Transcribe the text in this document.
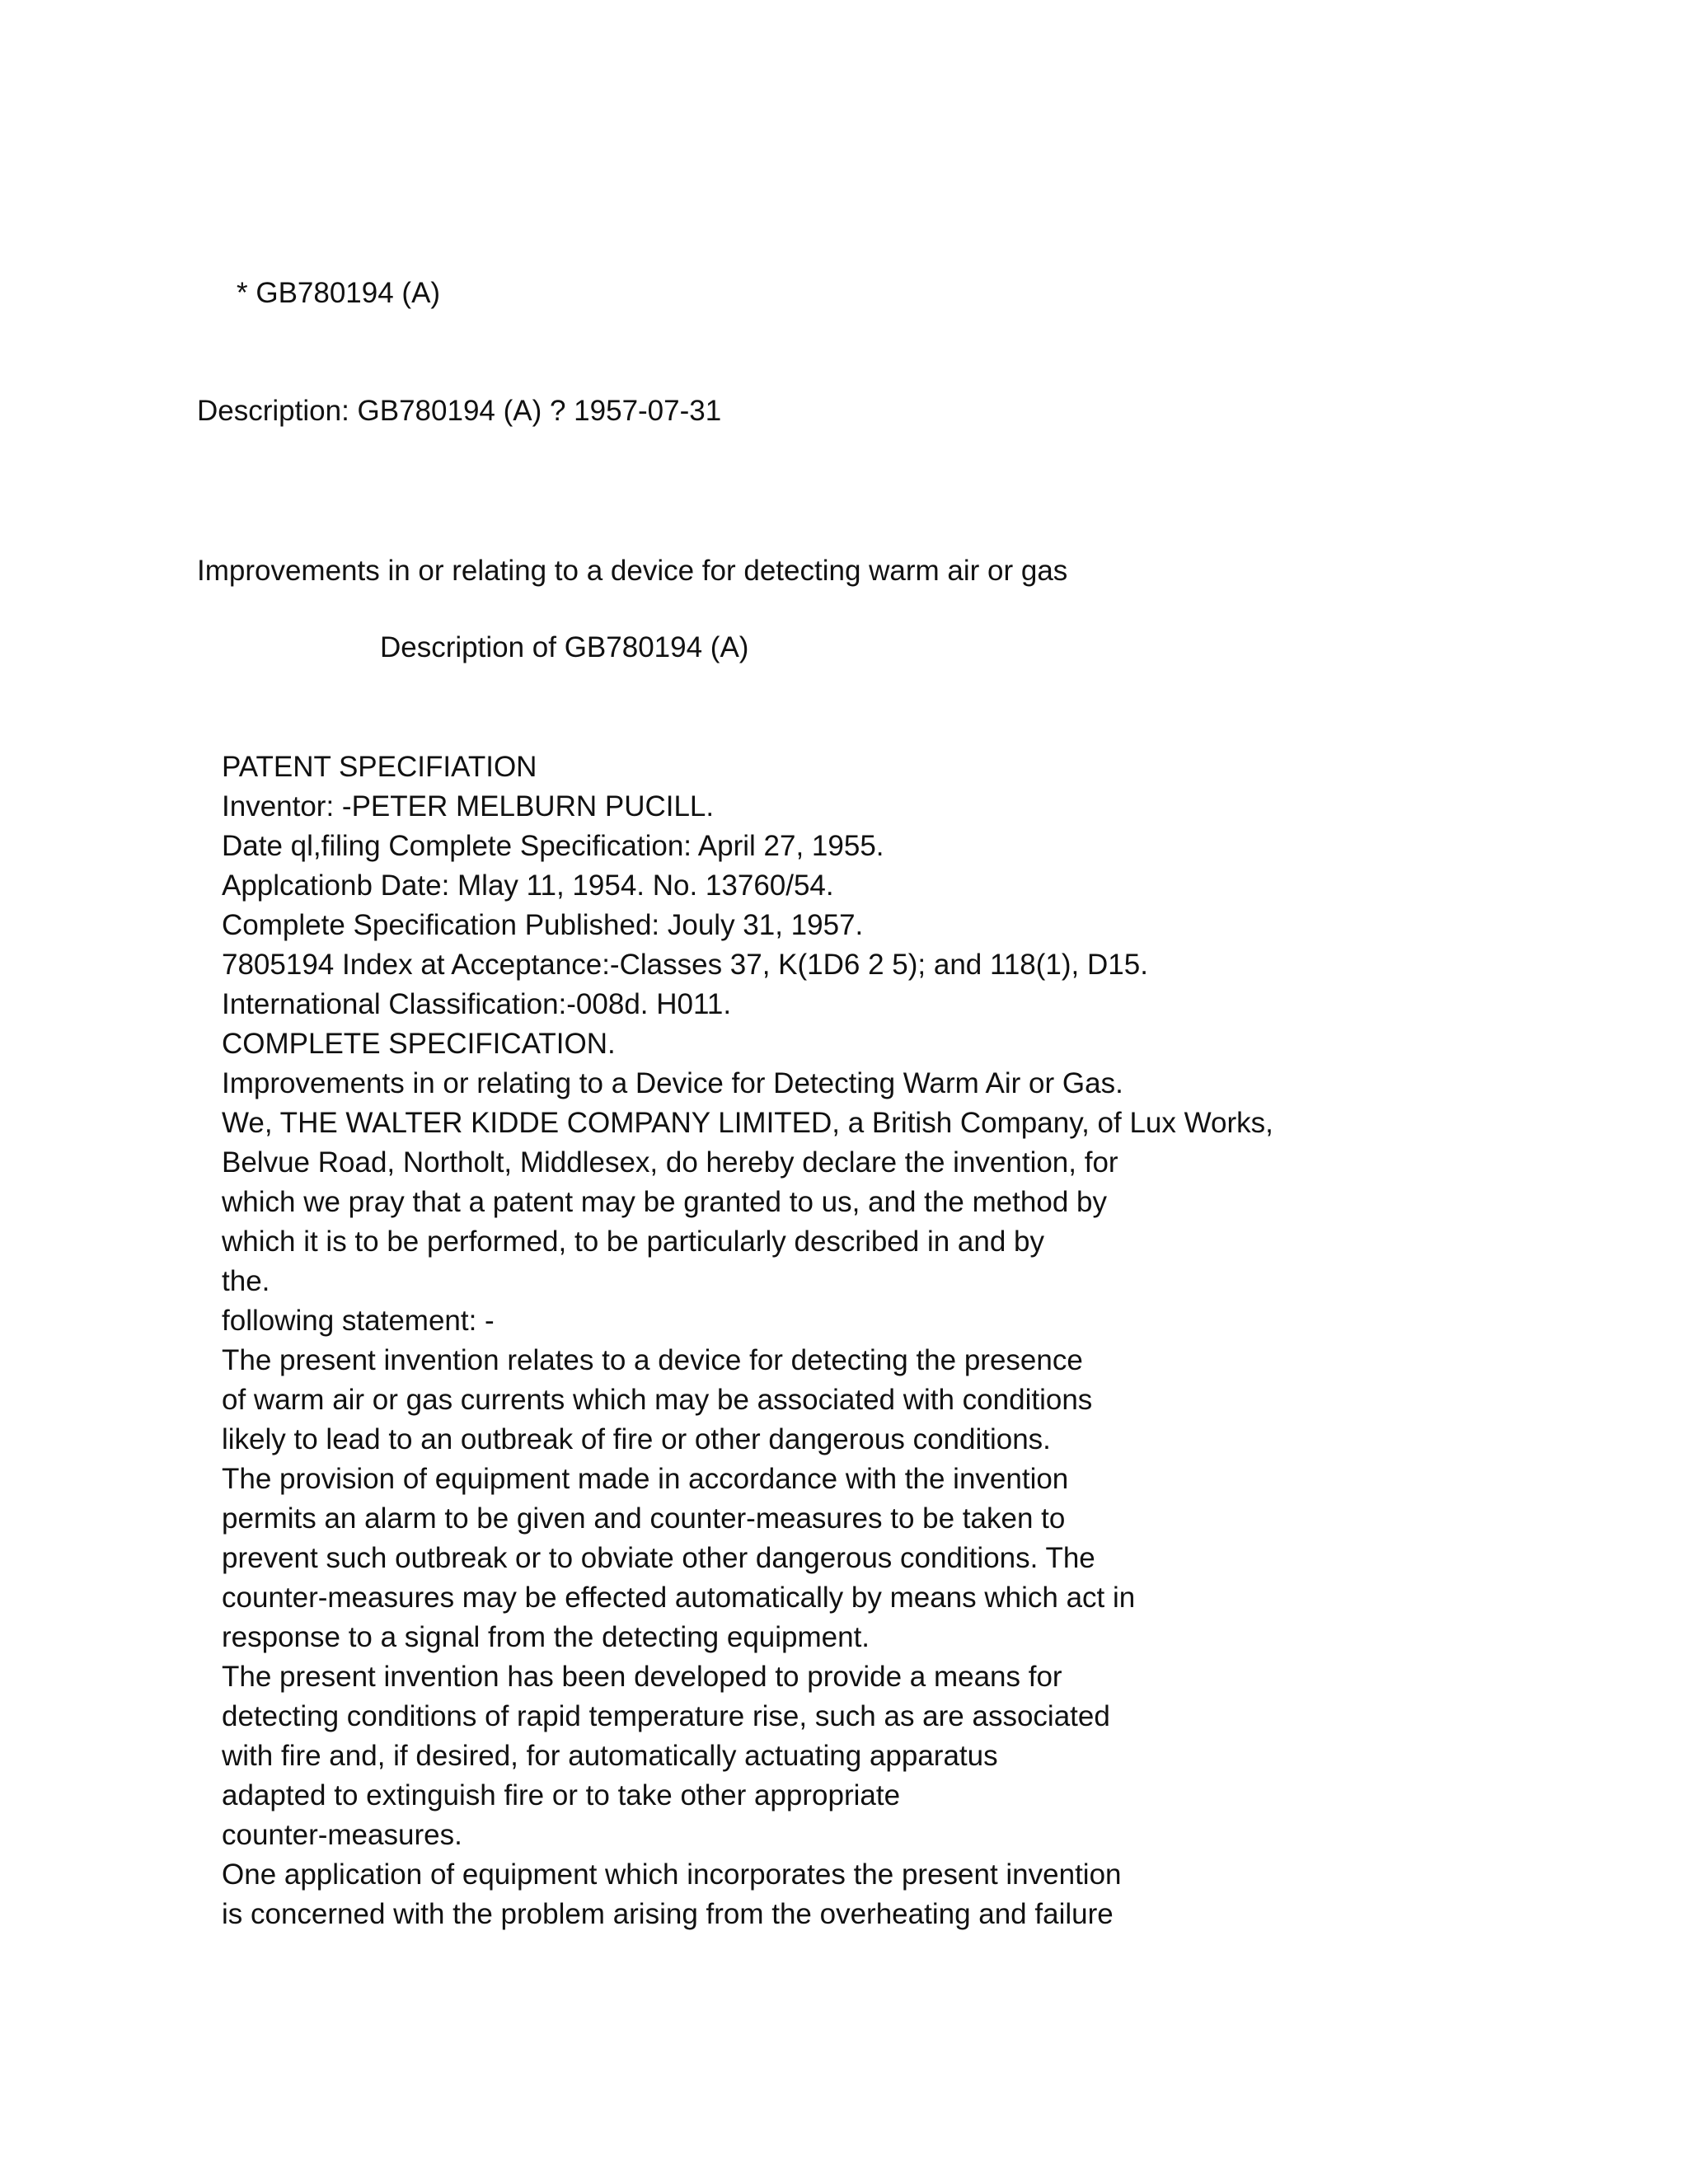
* GB780194 (A)
Description: GB780194 (A) ? 1957-07-31
Improvements in or relating to a device for detecting warm air or gas
Description of GB780194 (A)
PATENT SPECIFIATION
Inventor: -PETER MELBURN PUCILL.
Date ql,filing Complete Specification: April 27, 1955.
Applcationb Date: Mlay 11, 1954. No. 13760/54.
Complete Specification Published: Jouly 31, 1957.
7805194 Index at Acceptance:-Classes 37, K(1D6 2 5); and 118(1), D15.
International Classification:-008d. H011.
COMPLETE SPECIFICATION.
Improvements in or relating to a Device for Detecting Warm Air or Gas.
We, THE WALTER KIDDE COMPANY LIMITED, a British Company, of Lux Works,
Belvue Road, Northolt, Middlesex, do hereby declare the invention, for
which we pray that a patent may be granted to us, and the method by
which it is to be performed, to be particularly described in and by
the.
following statement: -
The present invention relates to a device for detecting the presence
of warm air or gas currents which may be associated with conditions
likely to lead to an outbreak of fire or other dangerous conditions.
The provision of equipment made in accordance with the invention
permits an alarm to be given and counter-measures to be taken to
prevent such outbreak or to obviate other dangerous conditions. The
counter-measures may be effected automatically by means which act in
response to a signal from the detecting equipment.
The present invention has been developed to provide a means for
detecting conditions of rapid temperature rise, such as are associated
with fire and, if desired, for automatically actuating apparatus
adapted to extinguish fire or to take other appropriate
counter-measures.
One application of equipment which incorporates the present invention
is concerned with the problem arising from the overheating and failure
